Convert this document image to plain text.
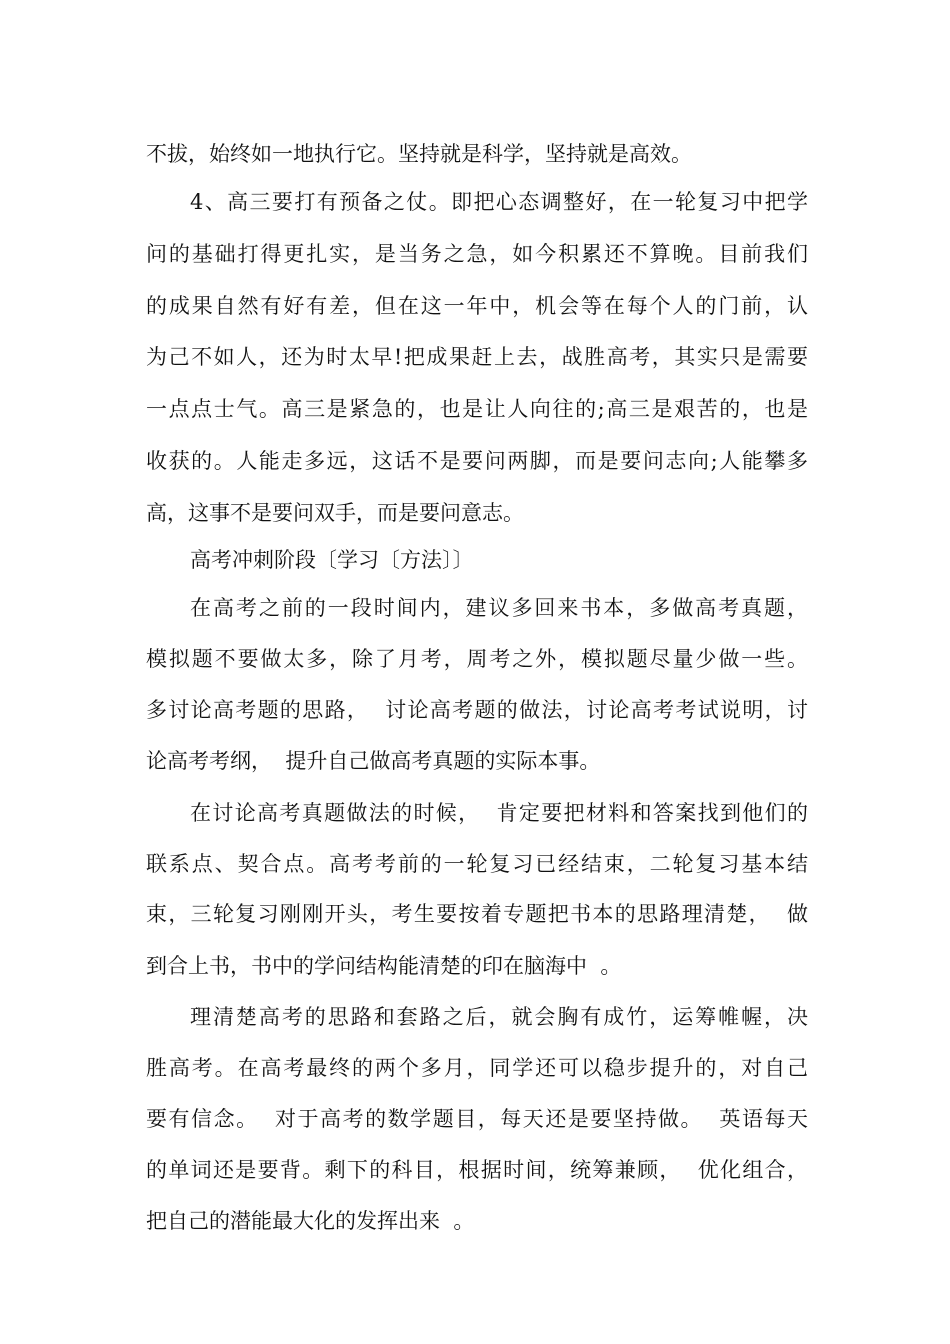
不拔，始终如一地执行它。坚持就是科学，坚持就是高效。
4、高三要打有预备之仗。即把心态调整好，在一轮复习中把学
问的基础打得更扎实，是当务之急，如今积累还不算晚。目前我们
的成果自然有好有差，但在这一年中，机会等在每个人的门前，认
为己不如人，还为时太早!把成果赶上去，战胜高考，其实只是需要
一点点士气。高三是紧急的，也是让人向往的;高三是艰苦的，也是
收获的。人能走多远，这话不是要问两脚，而是要问志向;人能攀多
高，这事不是要问双手，而是要问意志。
高考冲刺阶段〔学习〔方法〕〕
在高考之前的一段时间内，建议多回来书本，多做高考真题，
模拟题不要做太多，除了月考，周考之外，模拟题尽量少做一些。
多讨论高考题的思路，  讨论高考题的做法，讨论高考考试说明，讨
论高考考纲，  提升自己做高考真题的实际本事。
在讨论高考真题做法的时候，  肯定要把材料和答案找到他们的
联系点、契合点。高考考前的一轮复习已经结束，二轮复习基本结
束，三轮复习刚刚开头，考生要按着专题把书本的思路理清楚，  做
到合上书，书中的学问结构能清楚的印在脑海中  。
理清楚高考的思路和套路之后，就会胸有成竹，运筹帷幄，决
胜高考。在高考最终的两个多月，同学还可以稳步提升的，对自己
要有信念。  对于高考的数学题目，每天还是要坚持做。  英语每天
的单词还是要背。剩下的科目，根据时间，统筹兼顾，  优化组合，
把自己的潜能最大化的发挥出来  。
